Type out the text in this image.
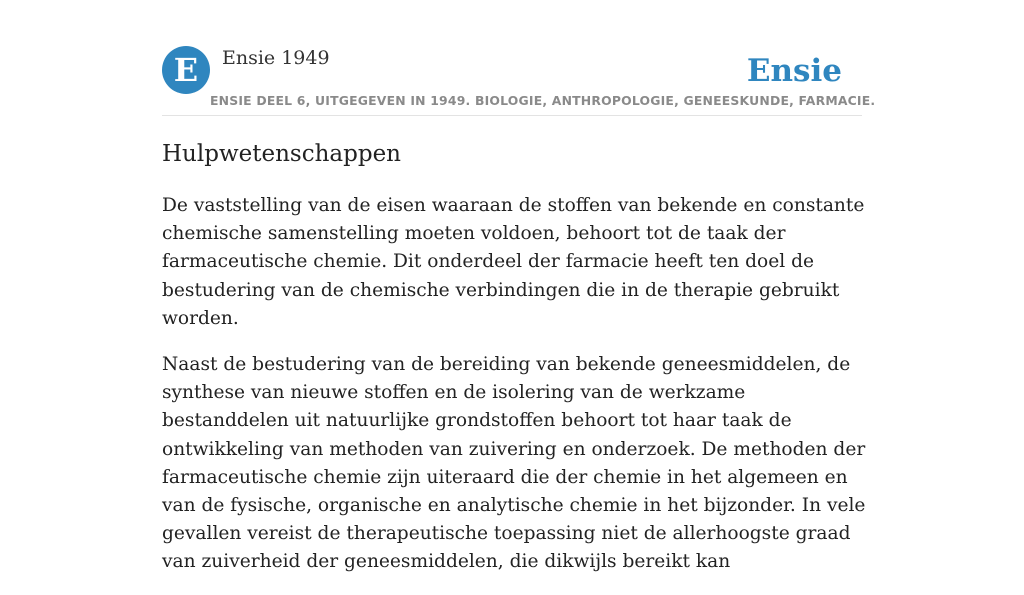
E	Ensie 1949	Ensie
ENSIE DEEL 6, UITGEGEVEN IN 1949. BIOLOGIE, ANTHROPOLOGIE, GENEESKUNDE, FARMACIE.
Hulpwetenschappen

De vaststelling van de eisen waaraan de stoffen van bekende en constante chemische samenstelling moeten voldoen, behoort tot de taak der farmaceutische chemie. Dit onderdeel der farmacie heeft ten doel de bestudering van de chemische verbindingen die in de therapie gebruikt worden.

Naast de bestudering van de bereiding van bekende geneesmiddelen, de synthese van nieuwe stoffen en de isolering van de werkzame bestanddelen uit natuurlijke grondstoffen behoort tot haar taak de ontwikkeling van methoden van zuivering en onderzoek. De methoden der farmaceutische chemie zijn uiteraard die der chemie in het algemeen en van de fysische, organische en analytische chemie in het bijzonder. In vele gevallen vereist de therapeutische toepassing niet de allerhoogste graad van zuiverheid der geneesmiddelen, die dikwijls bereikt kan
